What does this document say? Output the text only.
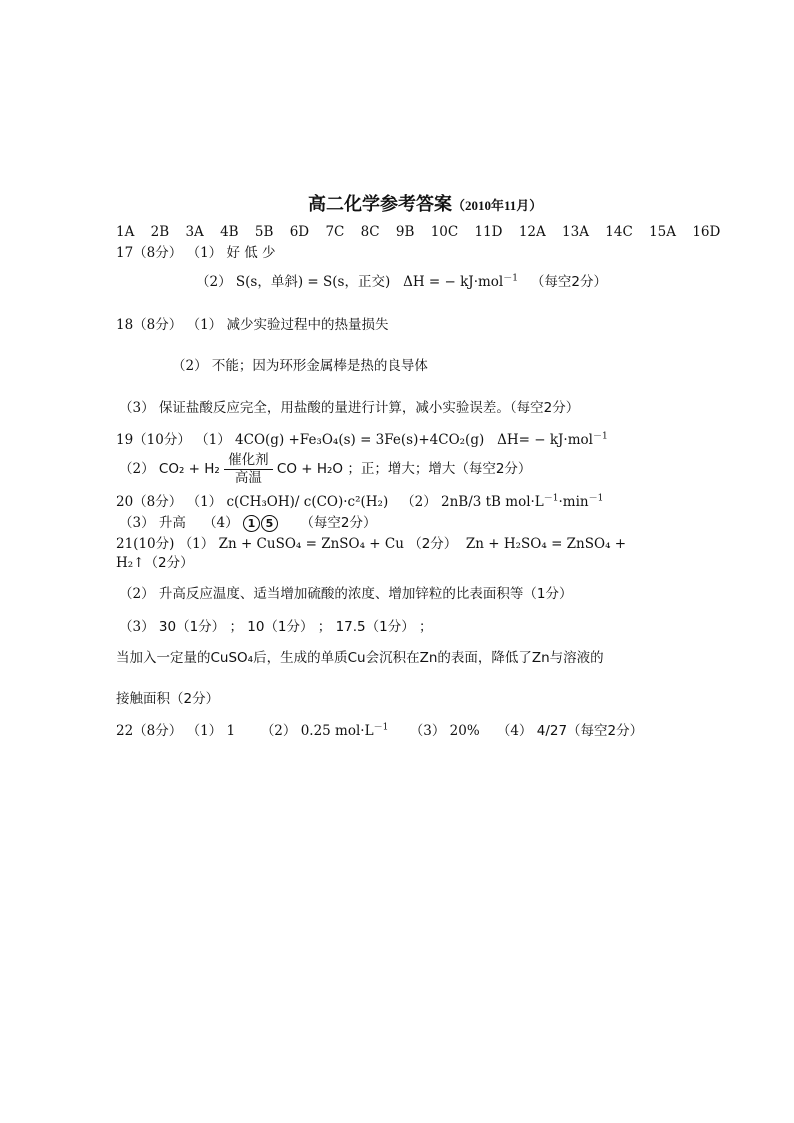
高二化学参考答案（2010年11月）
1A 2B 3A 4B 5B 6D 7C 8C 9B 10C 11D 12A 13A 14C 15A 16D
17（8分） （1） 好 低 少
（2） S(s，单斜) = S(s，正交) ΔH = − kJ·mol$^{-1}$ （每空2分）
18（8分） （1） 减少实验过程中的热量损失
（2） 不能；因为环形金属棒是热的良导体
（3） 保证盐酸反应完全，用盐酸的量进行计算，减小实验误差。（每空2分）
19（10分） （1） 4CO(g) +Fe₃O₄(s) = 3Fe(s)+4CO₂(g) ΔH= − kJ·mol$^{-1}$
（2） CO₂ + H₂
催化剂
高温
CO + H₂O ；正；增大；增大（每空2分）
20（8分） （1） c(CH₃OH)/ c(CO)·c²(H₂) （2） 2nB/3 tB $mol\cdot L^{-1}\cdot\min^{-1}$
（3） 升高 （4） 1 5 （每空2分）
21(10分) （1） Zn + CuSO₄ = ZnSO₄ + Cu （2分） Zn + H₂SO₄ = ZnSO₄ +
H₂↑（2分）
（2） 升高反应温度、适当增加硫酸的浓度、增加锌粒的比表面积等（1分）
（3） 30（1分） ； 10（1分） ； 17.5（1分） ；
当加入一定量的CuSO₄后，生成的单质Cu会沉积在Zn的表面，降低了Zn与溶液的
接触面积（2分）
22（8分） （1） 1 （2） 0.25 $mol\cdot L^{-1}$ （3） 20% （4） 4/27（每空2分）
